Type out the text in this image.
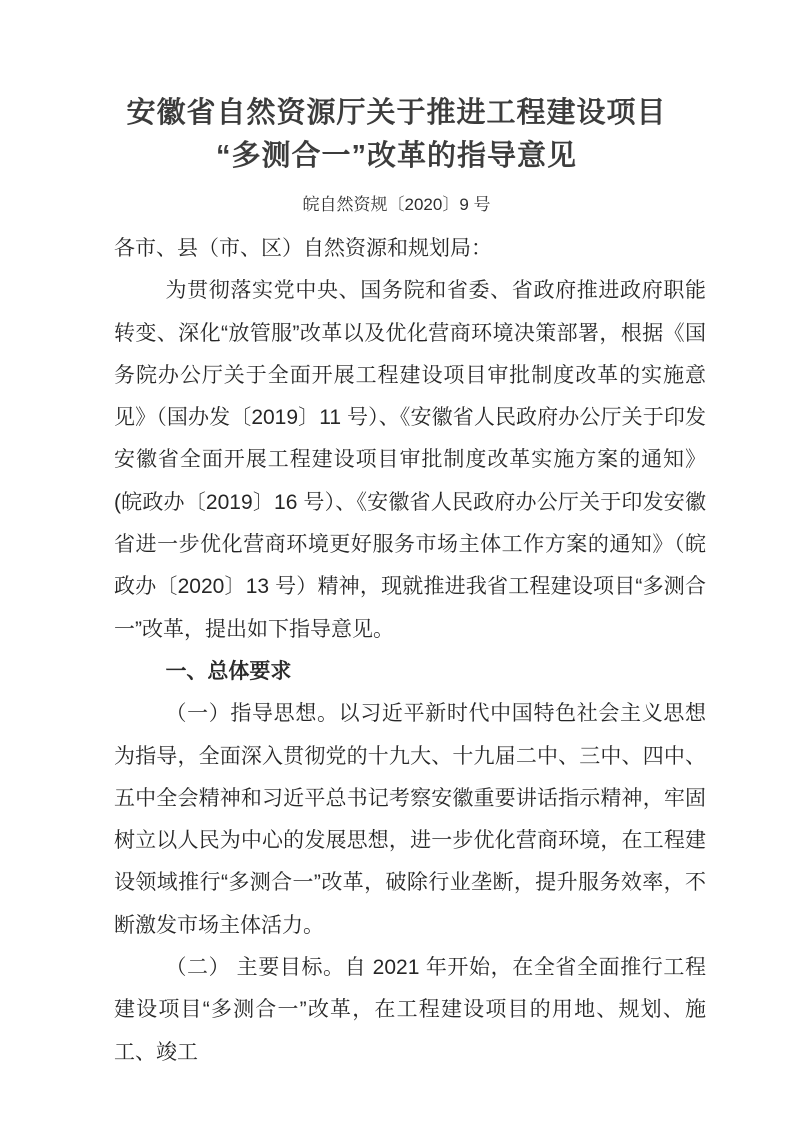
安徽省自然资源厅关于推进工程建设项目
“多测合一”改革的指导意见
皖自然资规〔2020〕9 号

各市、县（市、区）自然资源和规划局：

为贯彻落实党中央、国务院和省委、省政府推进政府职能转变、深化“放管服”改革以及优化营商环境决策部署，根据《国务院办公厅关于全面开展工程建设项目审批制度改革的实施意见》（国办发〔2019〕11 号）、《安徽省人民政府办公厅关于印发安徽省全面开展工程建设项目审批制度改革实施方案的通知》(皖政办〔2019〕16 号）、《安徽省人民政府办公厅关于印发安徽省进一步优化营商环境更好服务市场主体工作方案的通知》（皖政办〔2020〕13 号）精神，现就推进我省工程建设项目“多测合一”改革，提出如下指导意见。

一、总体要求

（一）指导思想。以习近平新时代中国特色社会主义思想为指导，全面深入贯彻党的十九大、十九届二中、三中、四中、五中全会精神和习近平总书记考察安徽重要讲话指示精神，牢固树立以人民为中心的发展思想，进一步优化营商环境，在工程建设领域推行“多测合一”改革，破除行业垄断，提升服务效率，不断激发市场主体活力。

（二） 主要目标。自 2021 年开始，在全省全面推行工程建设项目“多测合一”改革，在工程建设项目的用地、规划、施工、竣工
